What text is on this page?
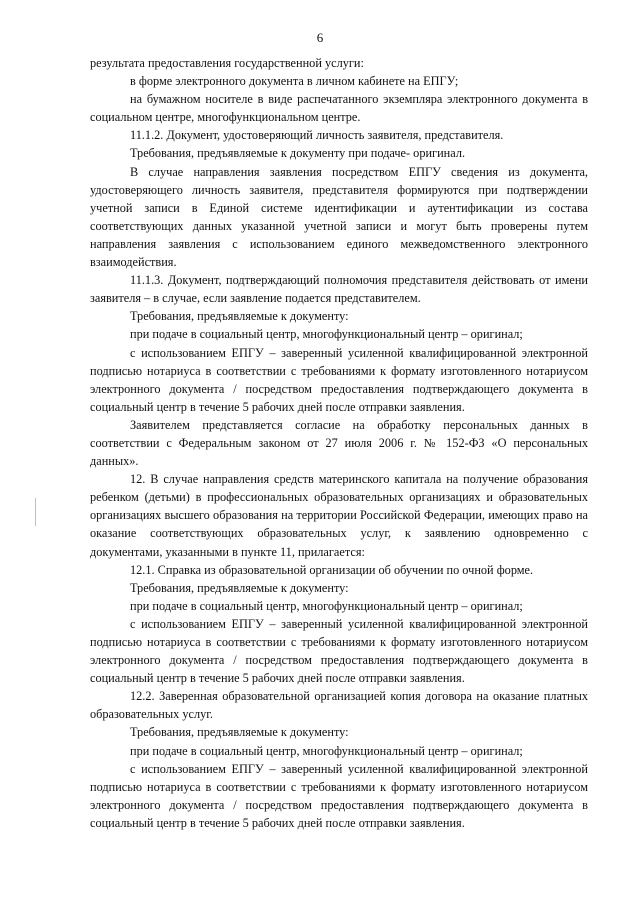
6

результата предоставления государственной услуги:

в форме электронного документа в личном кабинете на ЕПГУ;

на бумажном носителе в виде распечатанного экземпляра электронного документа в социальном центре, многофункциональном центре.

11.1.2. Документ, удостоверяющий личность заявителя, представителя.

Требования, предъявляемые к документу при подаче- оригинал.

В случае направления заявления посредством ЕПГУ сведения из документа, удостоверяющего личность заявителя, представителя формируются при подтверждении учетной записи в Единой системе идентификации и аутентификации из состава соответствующих данных указанной учетной записи и могут быть проверены путем направления заявления с использованием единого межведомственного электронного взаимодействия.

11.1.3. Документ, подтверждающий полномочия представителя действовать от имени заявителя – в случае, если заявление подается представителем.

Требования, предъявляемые к документу:

при подаче в социальный центр, многофункциональный центр – оригинал;

с использованием ЕПГУ – заверенный усиленной квалифицированной электронной подписью нотариуса в соответствии с требованиями к формату изготовленного нотариусом электронного документа / посредством предоставления подтверждающего документа в социальный центр в течение 5 рабочих дней после отправки заявления.

Заявителем представляется согласие на обработку персональных данных в соответствии с Федеральным законом от 27 июля 2006 г. № 152-ФЗ «О персональных данных».

12. В случае направления средств материнского капитала на получение образования ребенком (детьми) в профессиональных образовательных организациях и образовательных организациях высшего образования на территории Российской Федерации, имеющих право на оказание соответствующих образовательных услуг, к заявлению одновременно с документами, указанными в пункте 11, прилагается:

12.1. Справка из образовательной организации об обучении по очной форме.

Требования, предъявляемые к документу:

при подаче в социальный центр, многофункциональный центр – оригинал;

с использованием ЕПГУ – заверенный усиленной квалифицированной электронной подписью нотариуса в соответствии с требованиями к формату изготовленного нотариусом электронного документа / посредством предоставления подтверждающего документа в социальный центр в течение 5 рабочих дней после отправки заявления.

12.2. Заверенная образовательной организацией копия договора на оказание платных образовательных услуг.

Требования, предъявляемые к документу:

при подаче в социальный центр, многофункциональный центр – оригинал;

с использованием ЕПГУ – заверенный усиленной квалифицированной электронной подписью нотариуса в соответствии с требованиями к формату изготовленного нотариусом электронного документа / посредством предоставления подтверждающего документа в социальный центр в течение 5 рабочих дней после отправки заявления.
